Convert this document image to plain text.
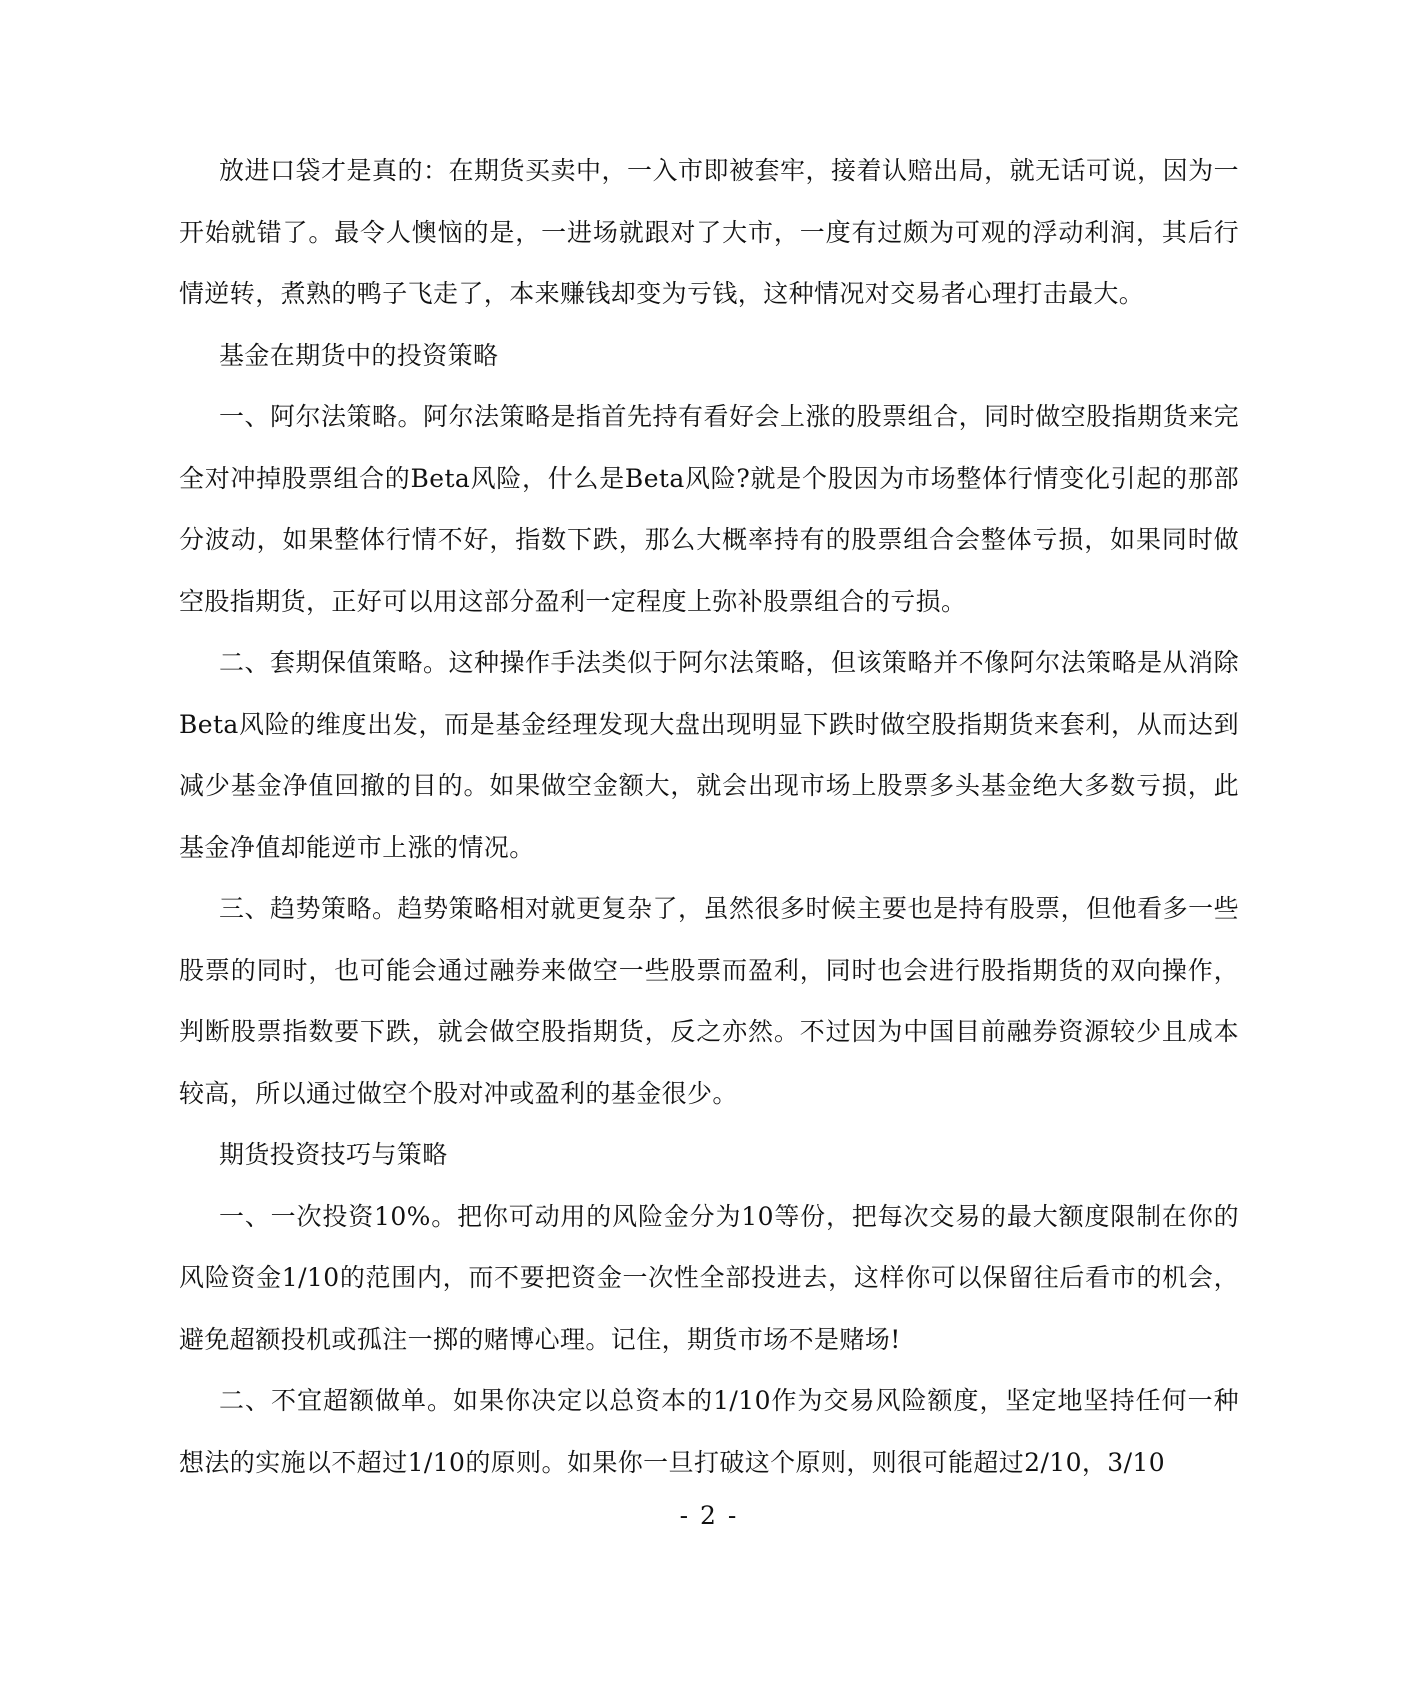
放进口袋才是真的：在期货买卖中，一入市即被套牢，接着认赔出局，就无话可说，因为一开始就错了。最令人懊恼的是，一进场就跟对了大市，一度有过颇为可观的浮动利润，其后行情逆转，煮熟的鸭子飞走了，本来赚钱却变为亏钱，这种情况对交易者心理打击最大。

基金在期货中的投资策略

一、阿尔法策略。阿尔法策略是指首先持有看好会上涨的股票组合，同时做空股指期货来完全对冲掉股票组合的Beta风险，什么是Beta风险?就是个股因为市场整体行情变化引起的那部分波动，如果整体行情不好，指数下跌，那么大概率持有的股票组合会整体亏损，如果同时做空股指期货，正好可以用这部分盈利一定程度上弥补股票组合的亏损。

二、套期保值策略。这种操作手法类似于阿尔法策略，但该策略并不像阿尔法策略是从消除Beta风险的维度出发，而是基金经理发现大盘出现明显下跌时做空股指期货来套利，从而达到减少基金净值回撤的目的。如果做空金额大，就会出现市场上股票多头基金绝大多数亏损，此基金净值却能逆市上涨的情况。

三、趋势策略。趋势策略相对就更复杂了，虽然很多时候主要也是持有股票，但他看多一些股票的同时，也可能会通过融券来做空一些股票而盈利，同时也会进行股指期货的双向操作，判断股票指数要下跌，就会做空股指期货，反之亦然。不过因为中国目前融券资源较少且成本较高，所以通过做空个股对冲或盈利的基金很少。

期货投资技巧与策略

一、一次投资10%。把你可动用的风险金分为10等份，把每次交易的最大额度限制在你的风险资金1/10的范围内，而不要把资金一次性全部投进去，这样你可以保留往后看市的机会，避免超额投机或孤注一掷的赌博心理。记住，期货市场不是赌场!

二、不宜超额做单。如果你决定以总资本的1/10作为交易风险额度，坚定地坚持任何一种想法的实施以不超过1/10的原则。如果你一旦打破这个原则，则很可能超过2/10，3/10

- 2 -
